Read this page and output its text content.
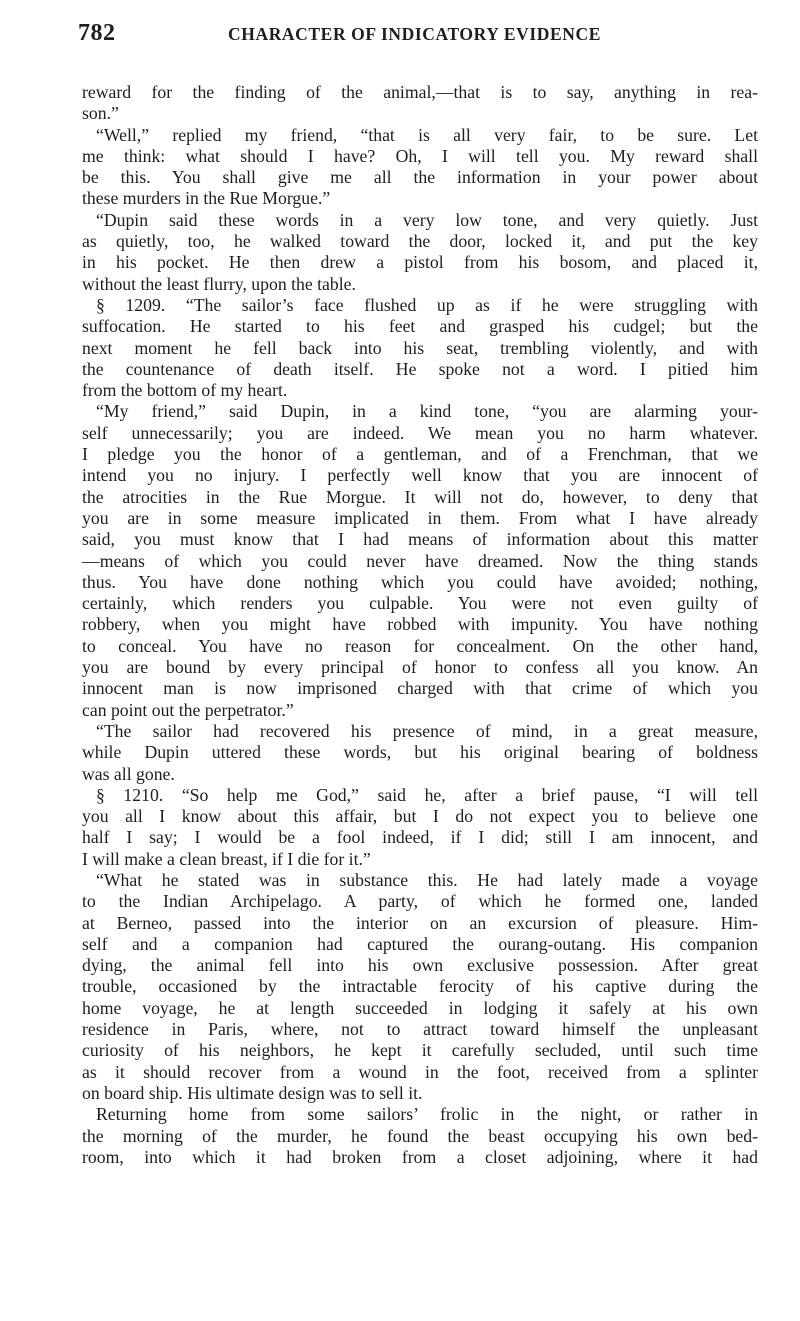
782	CHARACTER OF INDICATORY EVIDENCE
reward for the finding of the animal,—that is to say, anything in rea-
son.”
“Well,” replied my friend, “that is all very fair, to be sure. Let
me think: what should I have? Oh, I will tell you. My reward shall
be this. You shall give me all the information in your power about
these murders in the Rue Morgue.”
“Dupin said these words in a very low tone, and very quietly. Just
as quietly, too, he walked toward the door, locked it, and put the key
in his pocket. He then drew a pistol from his bosom, and placed it,
without the least flurry, upon the table.
§ 1209. “The sailor’s face flushed up as if he were struggling with
suffocation. He started to his feet and grasped his cudgel; but the
next moment he fell back into his seat, trembling violently, and with
the countenance of death itself. He spoke not a word. I pitied him
from the bottom of my heart.
“My friend,” said Dupin, in a kind tone, “you are alarming your-
self unnecessarily; you are indeed. We mean you no harm whatever.
I pledge you the honor of a gentleman, and of a Frenchman, that we
intend you no injury. I perfectly well know that you are innocent of
the atrocities in the Rue Morgue. It will not do, however, to deny that
you are in some measure implicated in them. From what I have already
said, you must know that I had means of information about this matter
—means of which you could never have dreamed. Now the thing stands
thus. You have done nothing which you could have avoided; nothing,
certainly, which renders you culpable. You were not even guilty of
robbery, when you might have robbed with impunity. You have nothing
to conceal. You have no reason for concealment. On the other hand,
you are bound by every principal of honor to confess all you know. An
innocent man is now imprisoned charged with that crime of which you
can point out the perpetrator.”
“The sailor had recovered his presence of mind, in a great measure,
while Dupin uttered these words, but his original bearing of boldness
was all gone.
§ 1210. “So help me God,” said he, after a brief pause, “I will tell
you all I know about this affair, but I do not expect you to believe one
half I say; I would be a fool indeed, if I did; still I am innocent, and
I will make a clean breast, if I die for it.”
“What he stated was in substance this. He had lately made a voyage
to the Indian Archipelago. A party, of which he formed one, landed
at Berneo, passed into the interior on an excursion of pleasure. Him-
self and a companion had captured the ourang-outang. His companion
dying, the animal fell into his own exclusive possession. After great
trouble, occasioned by the intractable ferocity of his captive during the
home voyage, he at length succeeded in lodging it safely at his own
residence in Paris, where, not to attract toward himself the unpleasant
curiosity of his neighbors, he kept it carefully secluded, until such time
as it should recover from a wound in the foot, received from a splinter
on board ship. His ultimate design was to sell it.
Returning home from some sailors’ frolic in the night, or rather in
the morning of the murder, he found the beast occupying his own bed-
room, into which it had broken from a closet adjoining, where it had
